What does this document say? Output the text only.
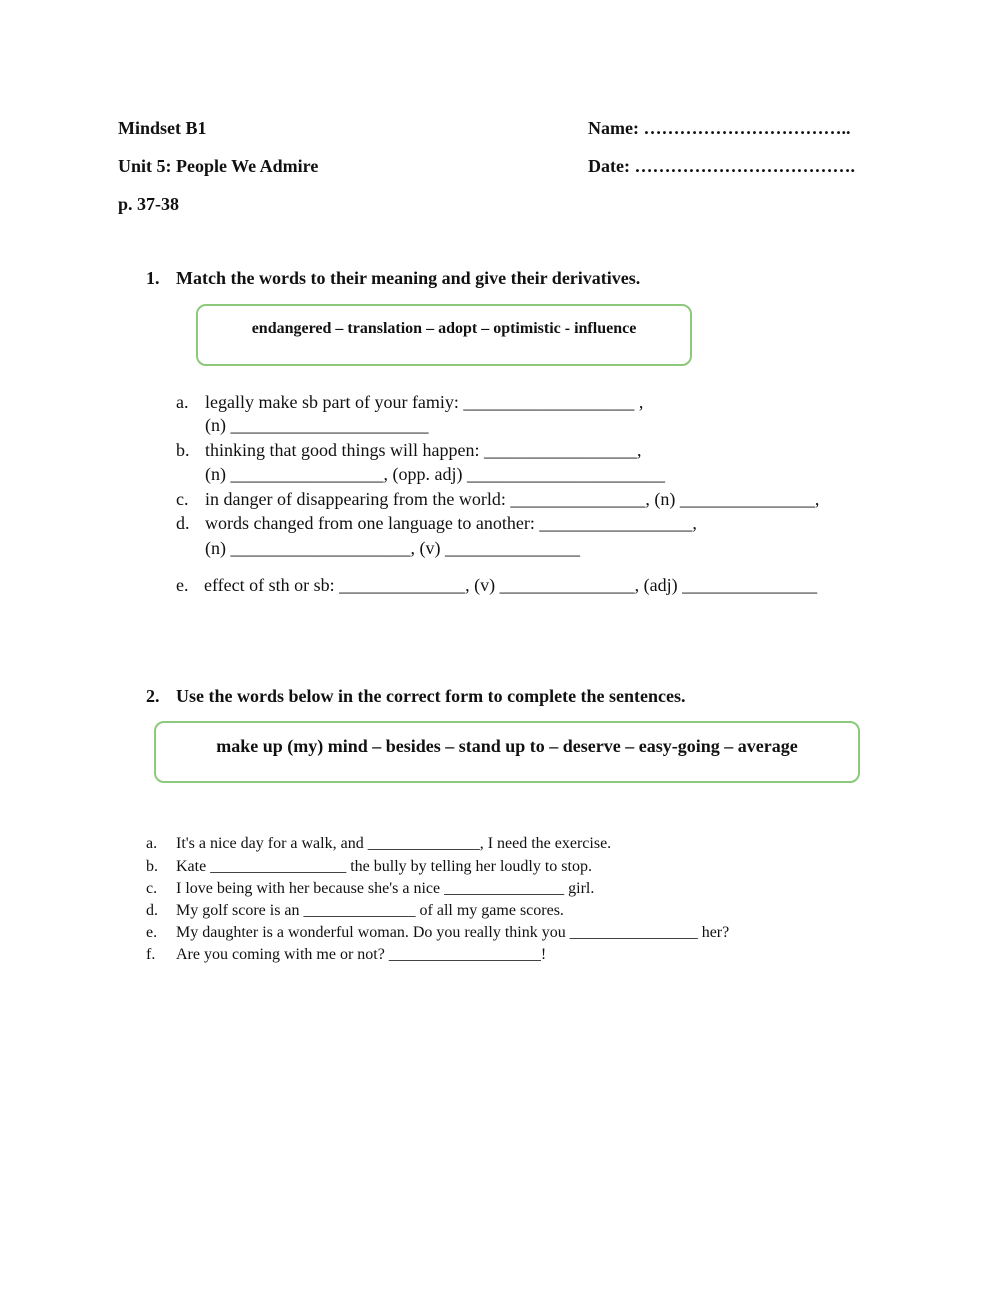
Mindset B1
Unit 5: People We Admire
p. 37-38
Name: ……………………………..
Date: ……………………………….
1. Match the words to their meaning and give their derivatives.
endangered – translation – adopt – optimistic - influence
a. legally make sb part of your famiy: ___________________ ,
(n) ______________________
b. thinking that good things will happen: _________________,
(n) _________________, (opp. adj) ______________________
c. in danger of disappearing from the world: _______________, (n) _______________,
d. words changed from one language to another: _________________,
(n) ____________________, (v) _______________
e. effect of sth or sb: ______________, (v) _______________, (adj) _______________
2. Use the words below in the correct form to complete the sentences.
make up (my) mind – besides – stand up to – deserve – easy-going – average
a. It's a nice day for a walk, and ______________, I need the exercise.
b. Kate _________________ the bully by telling her loudly to stop.
c. I love being with her because she's a nice _______________ girl.
d. My golf score is an ______________ of all my game scores.
e. My daughter is a wonderful woman. Do you really think you ________________ her?
f. Are you coming with me or not? ___________________!
